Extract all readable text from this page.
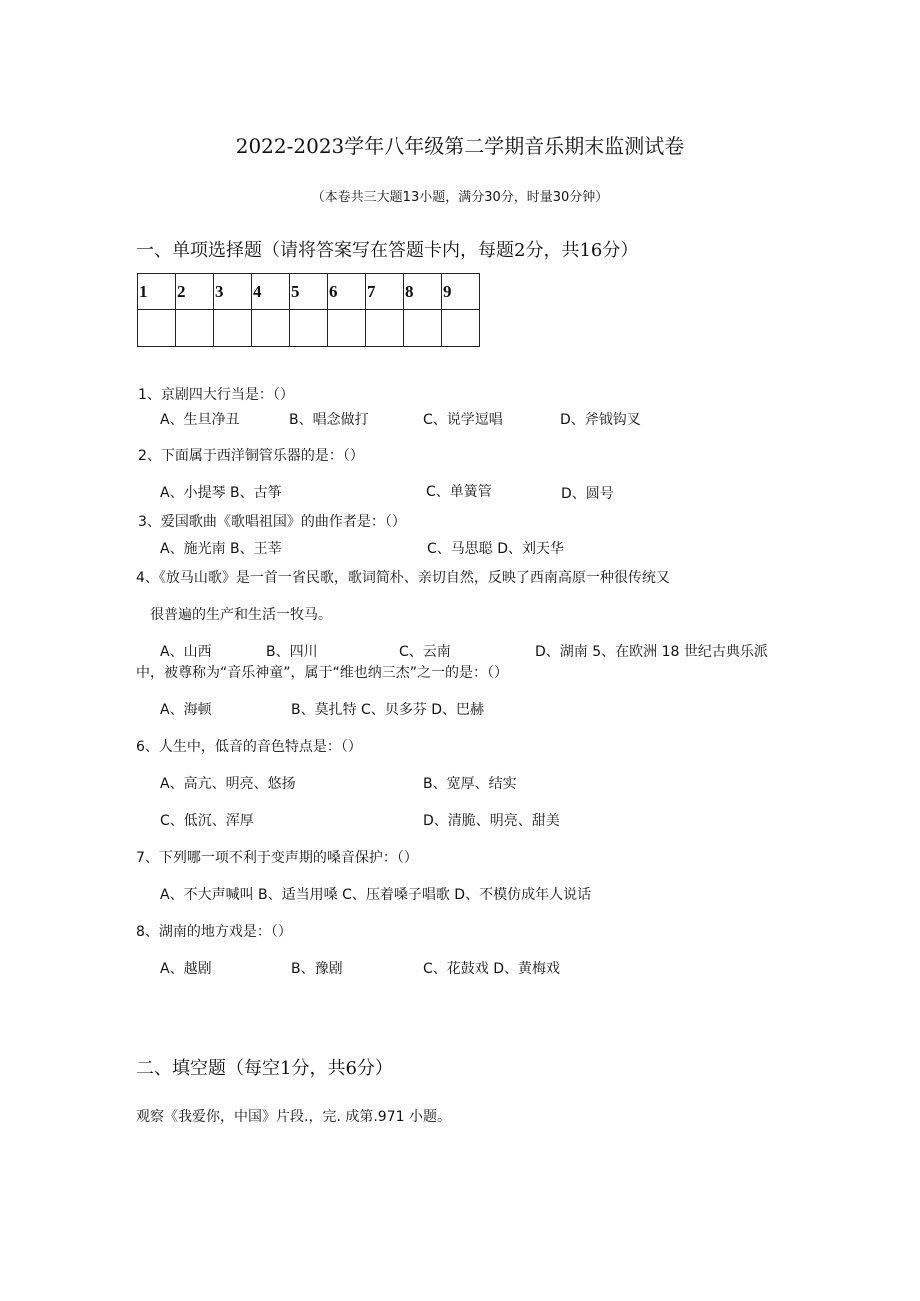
2022-2023学年八年级第二学期音乐期末监测试卷
（本卷共三大题13小题，满分30分，时量30分钟）
一、单项选择题（请将答案写在答题卡内，每题2分，共16分）
1	2	3	4	5	6	7	8	9

1、京剧四大行当是：（）
A、生旦净丑	B、唱念做打	C、说学逗唱	D、斧钺钩叉
2、下面属于西洋铜管乐器的是：（）
A、小提琴 B、古筝	C、单簧管	D、圆号
3、爱国歌曲《歌唱祖国》的曲作者是：（）
A、施光南 B、王莘	C、马思聪 D、刘天华
4、《放马山歌》是一首一省民歌，歌词简朴、亲切自然，反映了西南高原一种很传统又
很普遍的生产和生活一牧马。
A、山西	B、四川	C、云南	D、湖南 5、在欧洲 18 世纪古典乐派
中，被尊称为“音乐神童”，属于“维也纳三杰”之一的是：（）
A、海顿	B、莫扎特 C、贝多芬 D、巴赫
6、人生中，低音的音色特点是：（）
A、高亢、明亮、悠扬	B、宽厚、结实
C、低沉、浑厚	D、清脆、明亮、甜美
7、下列哪一项不利于变声期的嗓音保护：（）
A、不大声喊叫 B、适当用嗓 C、压着嗓子唱歌 D、不模仿成年人说话
8、湖南的地方戏是：（）
A、越剧	B、豫剧	C、花鼓戏 D、黄梅戏
二、填空题（每空1分，共6分）
观察《我爱你，中国》片段.，完. 成第.971 小题。
